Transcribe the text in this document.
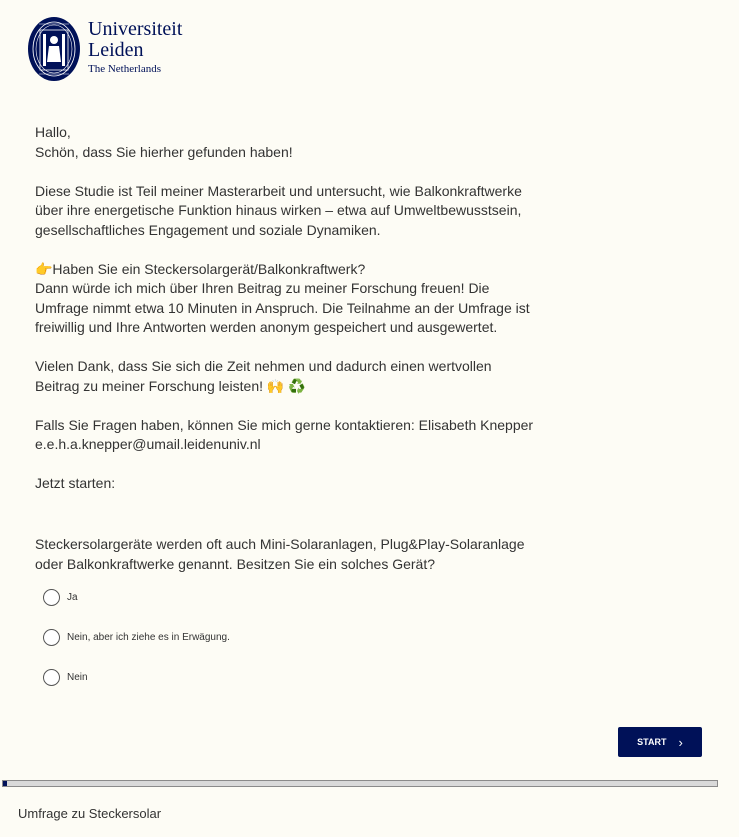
Universiteit
Leiden
The Netherlands

Hallo,
Schön, dass Sie hierher gefunden haben!

Diese Studie ist Teil meiner Masterarbeit und untersucht, wie Balkonkraftwerke über ihre energetische Funktion hinaus wirken – etwa auf Umweltbewusstsein, gesellschaftliches Engagement und soziale Dynamiken.

👉Haben Sie ein Steckersolargerät/Balkonkraftwerk?
Dann würde ich mich über Ihren Beitrag zu meiner Forschung freuen! Die Umfrage nimmt etwa 10 Minuten in Anspruch. Die Teilnahme an der Umfrage ist freiwillig und Ihre Antworten werden anonym gespeichert und ausgewertet.

Vielen Dank, dass Sie sich die Zeit nehmen und dadurch einen wertvollen Beitrag zu meiner Forschung leisten! 🙌 ♻️

Falls Sie Fragen haben, können Sie mich gerne kontaktieren: Elisabeth Knepper
e.e.h.a.knepper@umail.leidenuniv.nl

Jetzt starten:

Steckersolargeräte werden oft auch Mini-Solaranlagen, Plug&Play-Solaranlage oder Balkonkraftwerke genannt. Besitzen Sie ein solches Gerät?
Ja
Nein, aber ich ziehe es in Erwägung.
Nein
START ›
Umfrage zu Steckersolar
